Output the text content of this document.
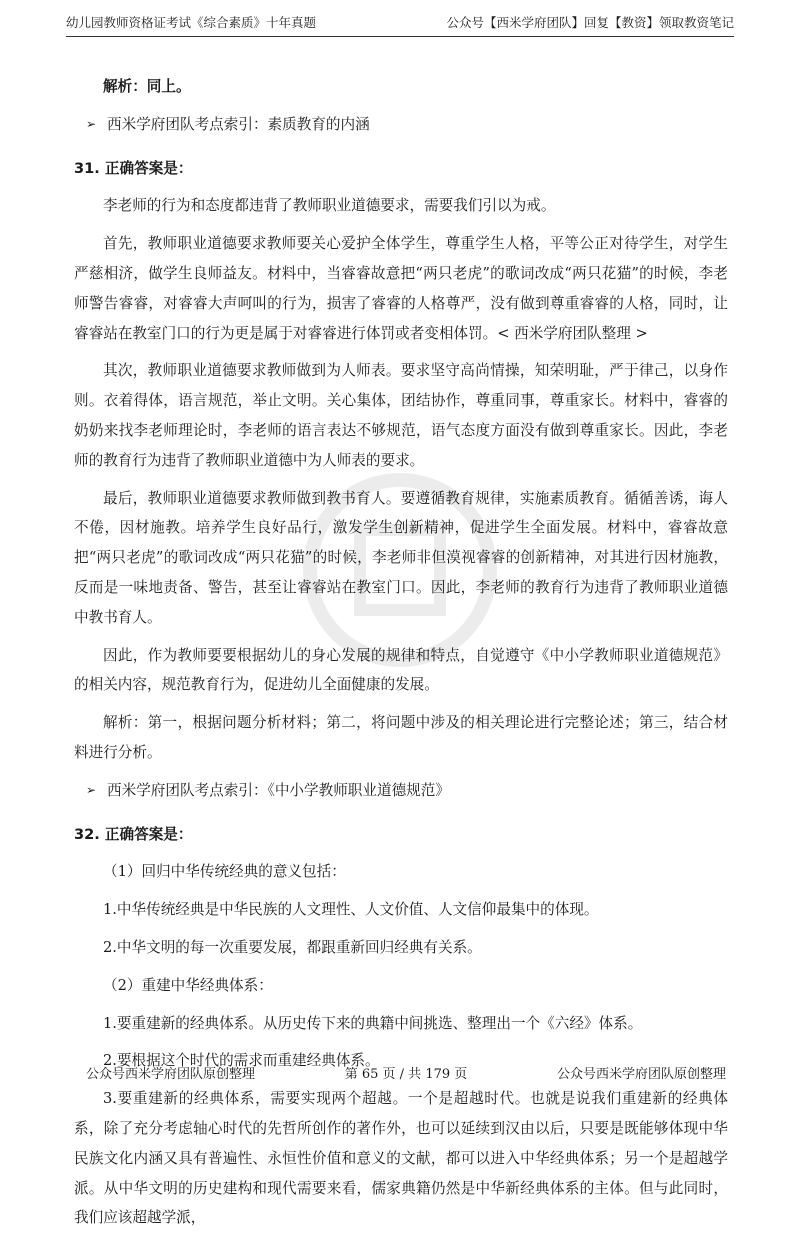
幼儿园教师资格证考试《综合素质》十年真题	公众号【西米学府团队】回复【教资】领取教资笔记

解析：同上。

➢ 西米学府团队考点索引：素质教育的内涵

31. 正确答案是：

李老师的行为和态度都违背了教师职业道德要求，需要我们引以为戒。

首先，教师职业道德要求教师要关心爱护全体学生，尊重学生人格，平等公正对待学生，对学生严慈相济，做学生良师益友。材料中，当睿睿故意把“两只老虎”的歌词改成“两只花猫”的时候，李老师警告睿睿，对睿睿大声呵叫的行为，损害了睿睿的人格尊严，没有做到尊重睿睿的人格，同时，让睿睿站在教室门口的行为更是属于对睿睿进行体罚或者变相体罚。< 西米学府团队整理 >

其次，教师职业道德要求教师做到为人师表。要求坚守高尚情操，知荣明耻，严于律己，以身作则。衣着得体，语言规范，举止文明。关心集体，团结协作，尊重同事，尊重家长。材料中，睿睿的奶奶来找李老师理论时，李老师的语言表达不够规范，语气态度方面没有做到尊重家长。因此，李老师的教育行为违背了教师职业道德中为人师表的要求。

最后，教师职业道德要求教师做到教书育人。要遵循教育规律，实施素质教育。循循善诱，诲人不倦，因材施教。培养学生良好品行，激发学生创新精神，促进学生全面发展。材料中，睿睿故意把“两只老虎”的歌词改成“两只花猫”的时候，李老师非但漠视睿睿的创新精神，对其进行因材施教，反而是一味地责备、警告，甚至让睿睿站在教室门口。因此，李老师的教育行为违背了教师职业道德中教书育人。

因此，作为教师要要根据幼儿的身心发展的规律和特点，自觉遵守《中小学教师职业道德规范》的相关内容，规范教育行为，促进幼儿全面健康的发展。

解析：第一，根据问题分析材料；第二，将问题中涉及的相关理论进行完整论述；第三，结合材料进行分析。

➢ 西米学府团队考点索引：《中小学教师职业道德规范》

32. 正确答案是：

（1）回归中华传统经典的意义包括：

1.中华传统经典是中华民族的人文理性、人文价值、人文信仰最集中的体现。

2.中华文明的每一次重要发展，都跟重新回归经典有关系。

（2）重建中华经典体系：

1.要重建新的经典体系。从历史传下来的典籍中间挑选、整理出一个《六经》体系。

2.要根据这个时代的需求而重建经典体系。

3.要重建新的经典体系，需要实现两个超越。一个是超越时代。也就是说我们重建新的经典体系，除了充分考虑轴心时代的先哲所创作的著作外，也可以延续到汉由以后，只要是既能够体现中华民族文化内涵又具有普遍性、永恒性价值和意义的文献，都可以进入中华经典体系；另一个是超越学派。从中华文明的历史建构和现代需要来看，儒家典籍仍然是中华新经典体系的主体。但与此同时，我们应该超越学派，

公众号西米学府团队原创整理	第 65 页 / 共 179 页	公众号西米学府团队原创整理
